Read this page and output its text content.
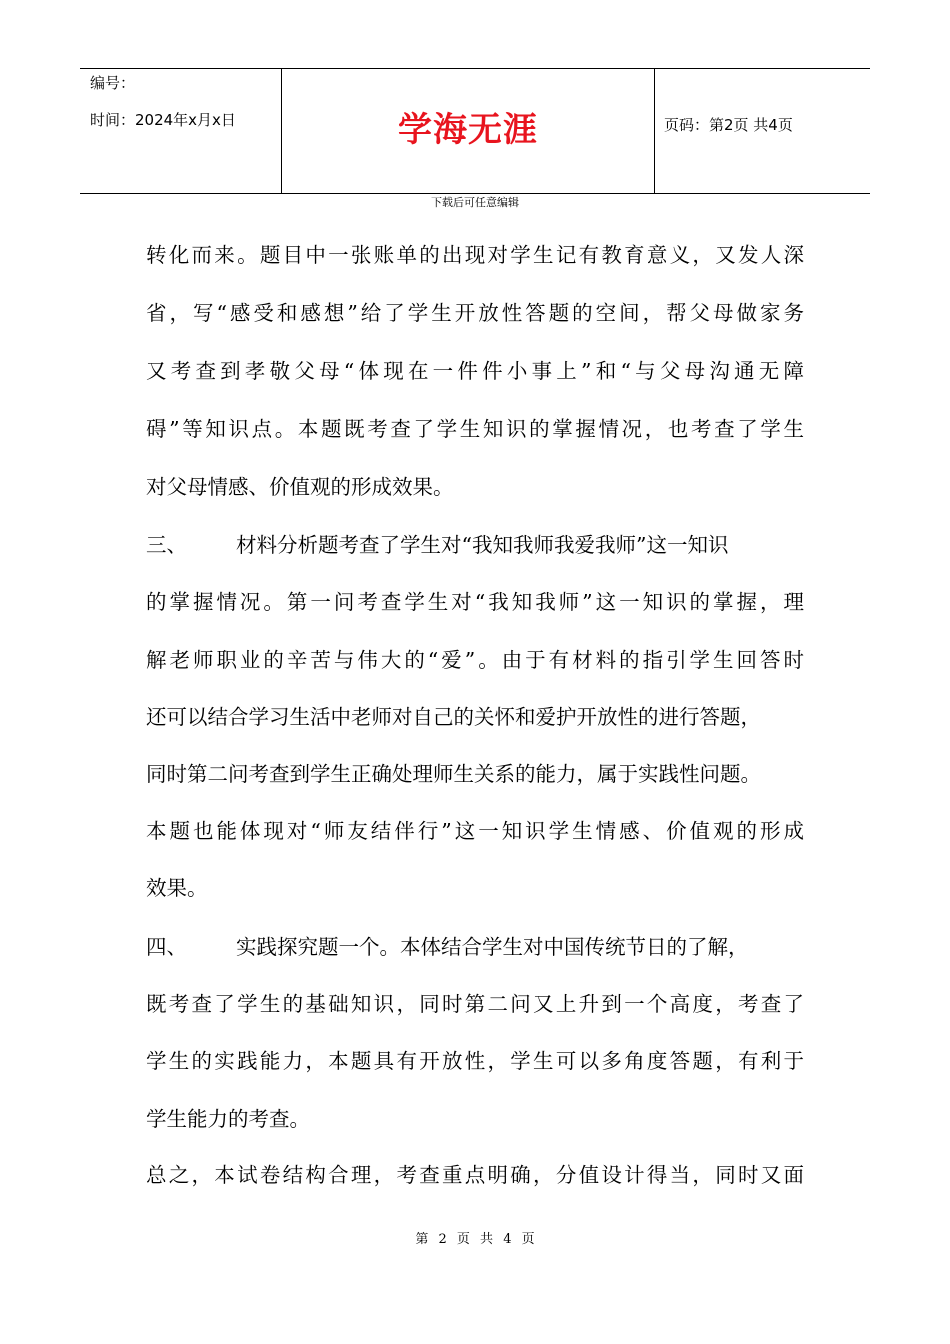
编号：
时间：2024年x月x日	学海无涯	页码：第2页 共4页
下载后可任意编辑
转化而来。题目中一张账单的出现对学生记有教育意义，又发人深
省，写“感受和感想”给了学生开放性答题的空间，帮父母做家务
又考查到孝敬父母“体现在一件件小事上”和“与父母沟通无障
碍”等知识点。本题既考查了学生知识的掌握情况，也考查了学生
对父母情感、价值观的形成效果。
三、 材料分析题考查了学生对“我知我师我爱我师”这一知识
的掌握情况。第一问考查学生对“我知我师”这一知识的掌握，理
解老师职业的辛苦与伟大的“爱”。由于有材料的指引学生回答时
还可以结合学习生活中老师对自己的关怀和爱护开放性的进行答题，
同时第二问考查到学生正确处理师生关系的能力，属于实践性问题。
本题也能体现对“师友结伴行”这一知识学生情感、价值观的形成
效果。
四、 实践探究题一个。本体结合学生对中国传统节日的了解，
既考查了学生的基础知识，同时第二问又上升到一个高度，考查了
学生的实践能力，本题具有开放性，学生可以多角度答题，有利于
学生能力的考查。
总之，本试卷结构合理，考查重点明确，分值设计得当，同时又面
第 2 页 共 4 页
